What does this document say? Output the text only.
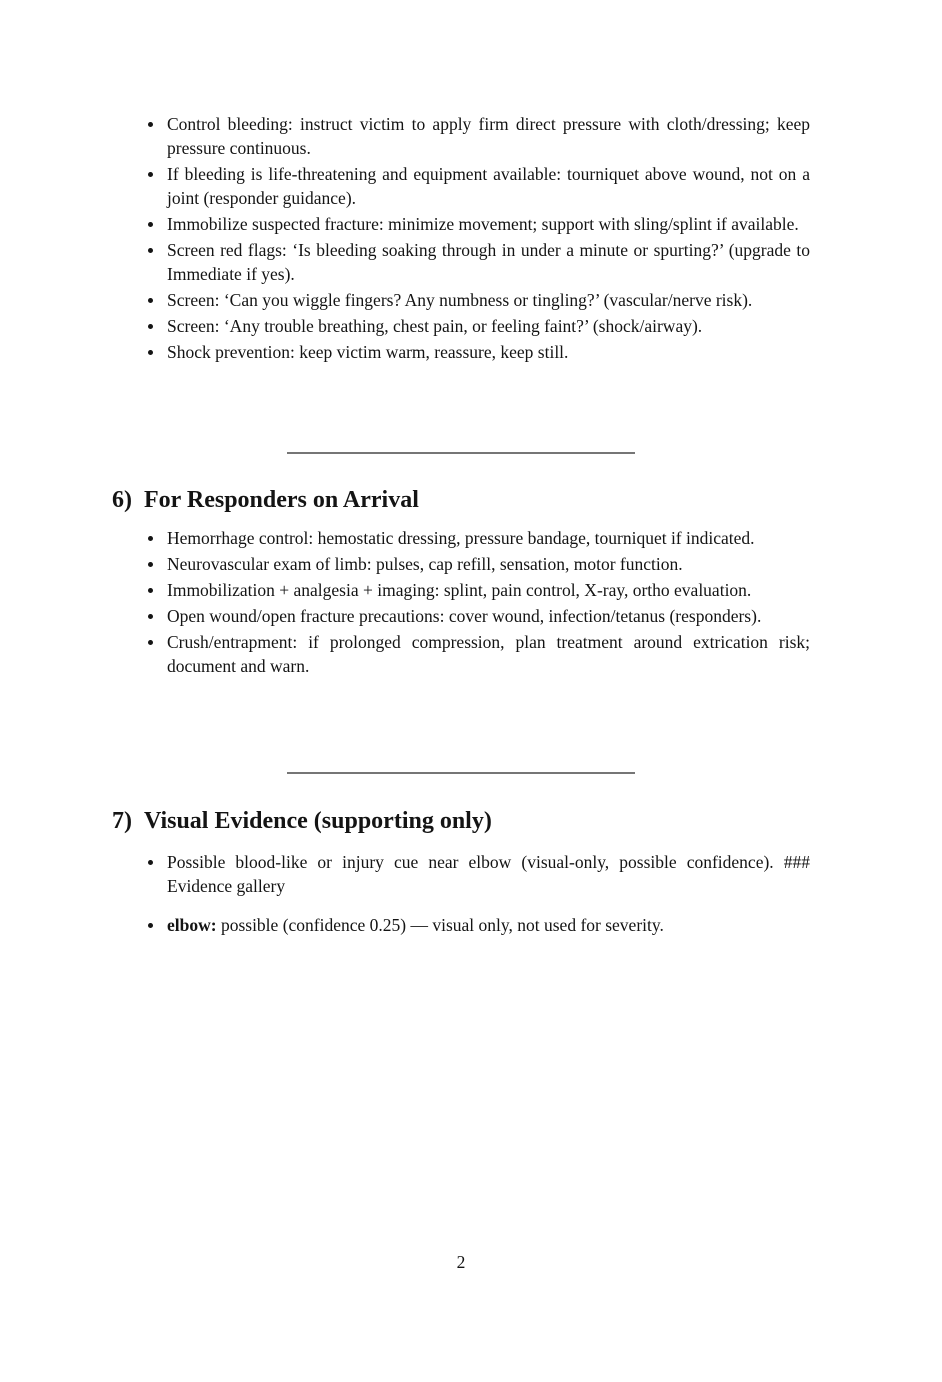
Control bleeding: instruct victim to apply firm direct pressure with cloth/dressing; keep pressure continuous.
If bleeding is life-threatening and equipment available: tourniquet above wound, not on a joint (responder guidance).
Immobilize suspected fracture: minimize movement; support with sling/splint if available.
Screen red flags: ‘Is bleeding soaking through in under a minute or spurting?’ (upgrade to Immediate if yes).
Screen: ‘Can you wiggle fingers? Any numbness or tingling?’ (vascular/nerve risk).
Screen: ‘Any trouble breathing, chest pain, or feeling faint?’ (shock/airway).
Shock prevention: keep victim warm, reassure, keep still.
6) For Responders on Arrival
Hemorrhage control: hemostatic dressing, pressure bandage, tourniquet if indicated.
Neurovascular exam of limb: pulses, cap refill, sensation, motor function.
Immobilization + analgesia + imaging: splint, pain control, X-ray, ortho evaluation.
Open wound/open fracture precautions: cover wound, infection/tetanus (responders).
Crush/entrapment: if prolonged compression, plan treatment around extrication risk; document and warn.
7) Visual Evidence (supporting only)
Possible blood-like or injury cue near elbow (visual-only, possible confidence). ### Evidence gallery
elbow: possible (confidence 0.25) — visual only, not used for severity.
2
